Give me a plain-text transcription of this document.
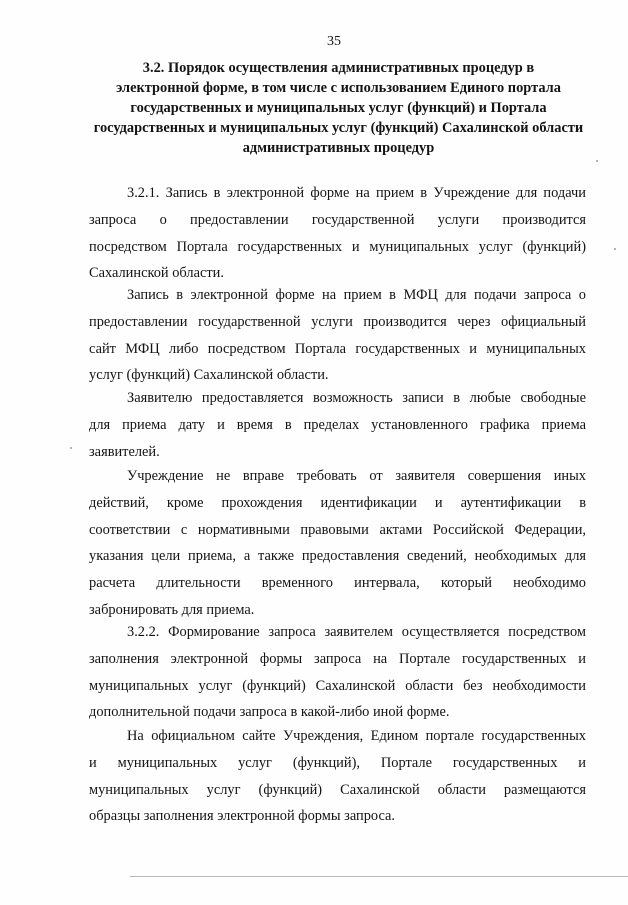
35
3.2. Порядок осуществления административных процедур в
электронной форме, в том числе с использованием Единого портала
государственных и муниципальных услуг (функций) и Портала
государственных и муниципальных услуг (функций) Сахалинской области
административных процедур

3.2.1. Запись в электронной форме на прием в Учреждение для подачи
запроса о предоставлении государственной услуги производится
посредством Портала государственных и муниципальных услуг (функций)
Сахалинской области.

Запись в электронной форме на прием в МФЦ для подачи запроса о
предоставлении государственной услуги производится через официальный
сайт МФЦ либо посредством Портала государственных и муниципальных
услуг (функций) Сахалинской области.

Заявителю предоставляется возможность записи в любые свободные
для приема дату и время в пределах установленного графика приема
заявителей.

Учреждение не вправе требовать от заявителя совершения иных
действий, кроме прохождения идентификации и аутентификации в
соответствии с нормативными правовыми актами Российской Федерации,
указания цели приема, а также предоставления сведений, необходимых для
расчета длительности временного интервала, который необходимо
забронировать для приема.

3.2.2. Формирование запроса заявителем осуществляется посредством
заполнения электронной формы запроса на Портале государственных и
муниципальных услуг (функций) Сахалинской области без необходимости
дополнительной подачи запроса в какой-либо иной форме.

На официальном сайте Учреждения, Едином портале государственных
и муниципальных услуг (функций), Портале государственных и
муниципальных услуг (функций) Сахалинской области размещаются
образцы заполнения электронной формы запроса.
